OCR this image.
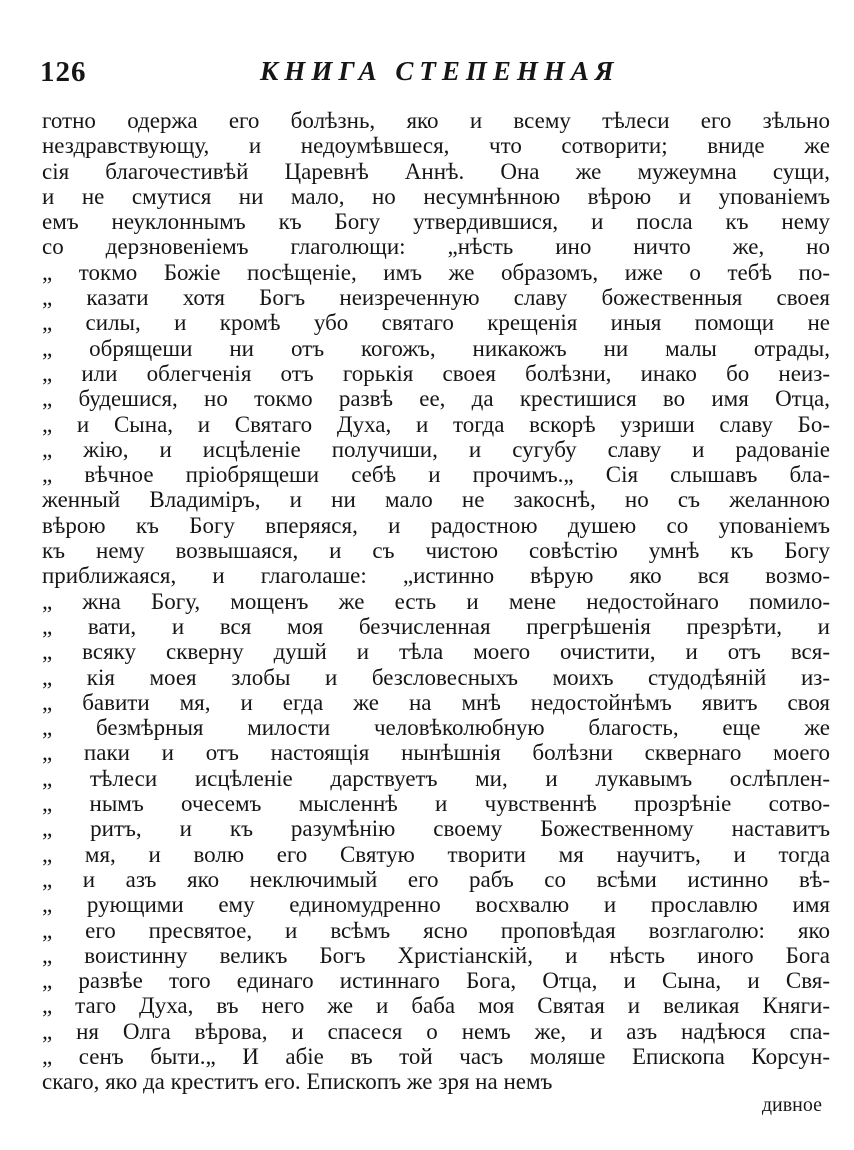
126	КНИГА СТЕПЕННАЯ
готно одержа его болѣзнь, яко и всему тѣлеси его зѣльно
нездравствующу, и недоумѣвшеся, что сотворити; вниде же
сія благочестивѣй Царевнѣ Аннѣ. Она же мужеумна сущи,
и не смутися ни мало, но несумнѣнною вѣрою и упованіемъ
емъ неуклоннымъ къ Богу утвердившися, и посла къ нему
со дерзновеніемъ глаголющи: „нѣсть ино ничто же, но
„ токмо Божіе посѣщеніе, имъ же образомъ, иже о тебѣ по-
„ казати хотя Богъ неизреченную славу божественныя своея
„ силы, и кромѣ убо святаго крещенія иныя помощи не
„ обрящеши ни отъ когожъ, никакожъ ни малы отрады,
„ или облегченія отъ горькія своея болѣзни, инако бо неиз-
„ будешися, но токмо развѣ ее, да крестишися во имя Отца,
„ и Сына, и Святаго Духа, и тогда вскорѣ узриши славу Бо-
„ жію, и исцѣленіе получиши, и сугубу славу и радованіе
„ вѣчное пріобрящеши себѣ и прочимъ.„ Сія слышавъ бла-
женный Владиміръ, и ни мало не закоснѣ, но съ желанною
вѣрою къ Богу вперяяся, и радостною душею со упованіемъ
къ нему возвышаяся, и съ чистою совѣстію умнѣ къ Богу
приближаяся, и глаголаше: „истинно вѣрую яко вся возмо-
„ жна Богу, мощенъ же есть и мене недостойнаго помило-
„ вати, и вся моя безчисленная прегрѣшенія презрѣти, и
„ всяку скверну душй и тѣла моего очистити, и отъ вся-
„ кія моея злобы и безсловесныхъ моихъ студодѣяній из-
„ бавити мя, и егда же на мнѣ недостойнѣмъ явитъ своя
„ безмѣрныя милости человѣколюбную благость, еще же
„ паки и отъ настоящія нынѣшнія болѣзни сквернаго моего
„ тѣлеси исцѣленіе дарствуетъ ми, и лукавымъ ослѣплен-
„ нымъ очесемъ мысленнѣ и чувственнѣ прозрѣніе сотво-
„ ритъ, и къ разумѣнію своему Божественному наставитъ
„ мя, и волю его Святую творити мя научитъ, и тогда
„ и азъ яко неключимый его рабъ со всѣми истинно вѣ-
„ рующими ему единомудренно восхвалю и прославлю имя
„ его пресвятое, и всѣмъ ясно проповѣдая возглаголю: яко
„ воистинну великъ Богъ Христіанскій, и нѣсть иного Бога
„ развѣе того единаго истиннаго Бога, Отца, и Сына, и Свя-
„ таго Духа, въ него же и баба моя Святая и великая Княги-
„ ня Олга вѣрова, и спасеся о немъ же, и азъ надѣюся спа-
„ сенъ быти.„ И абіе въ той часъ моляше Епископа Корсун-
скаго, яко да креститъ его. Епископъ же зря на немъ
дивное
